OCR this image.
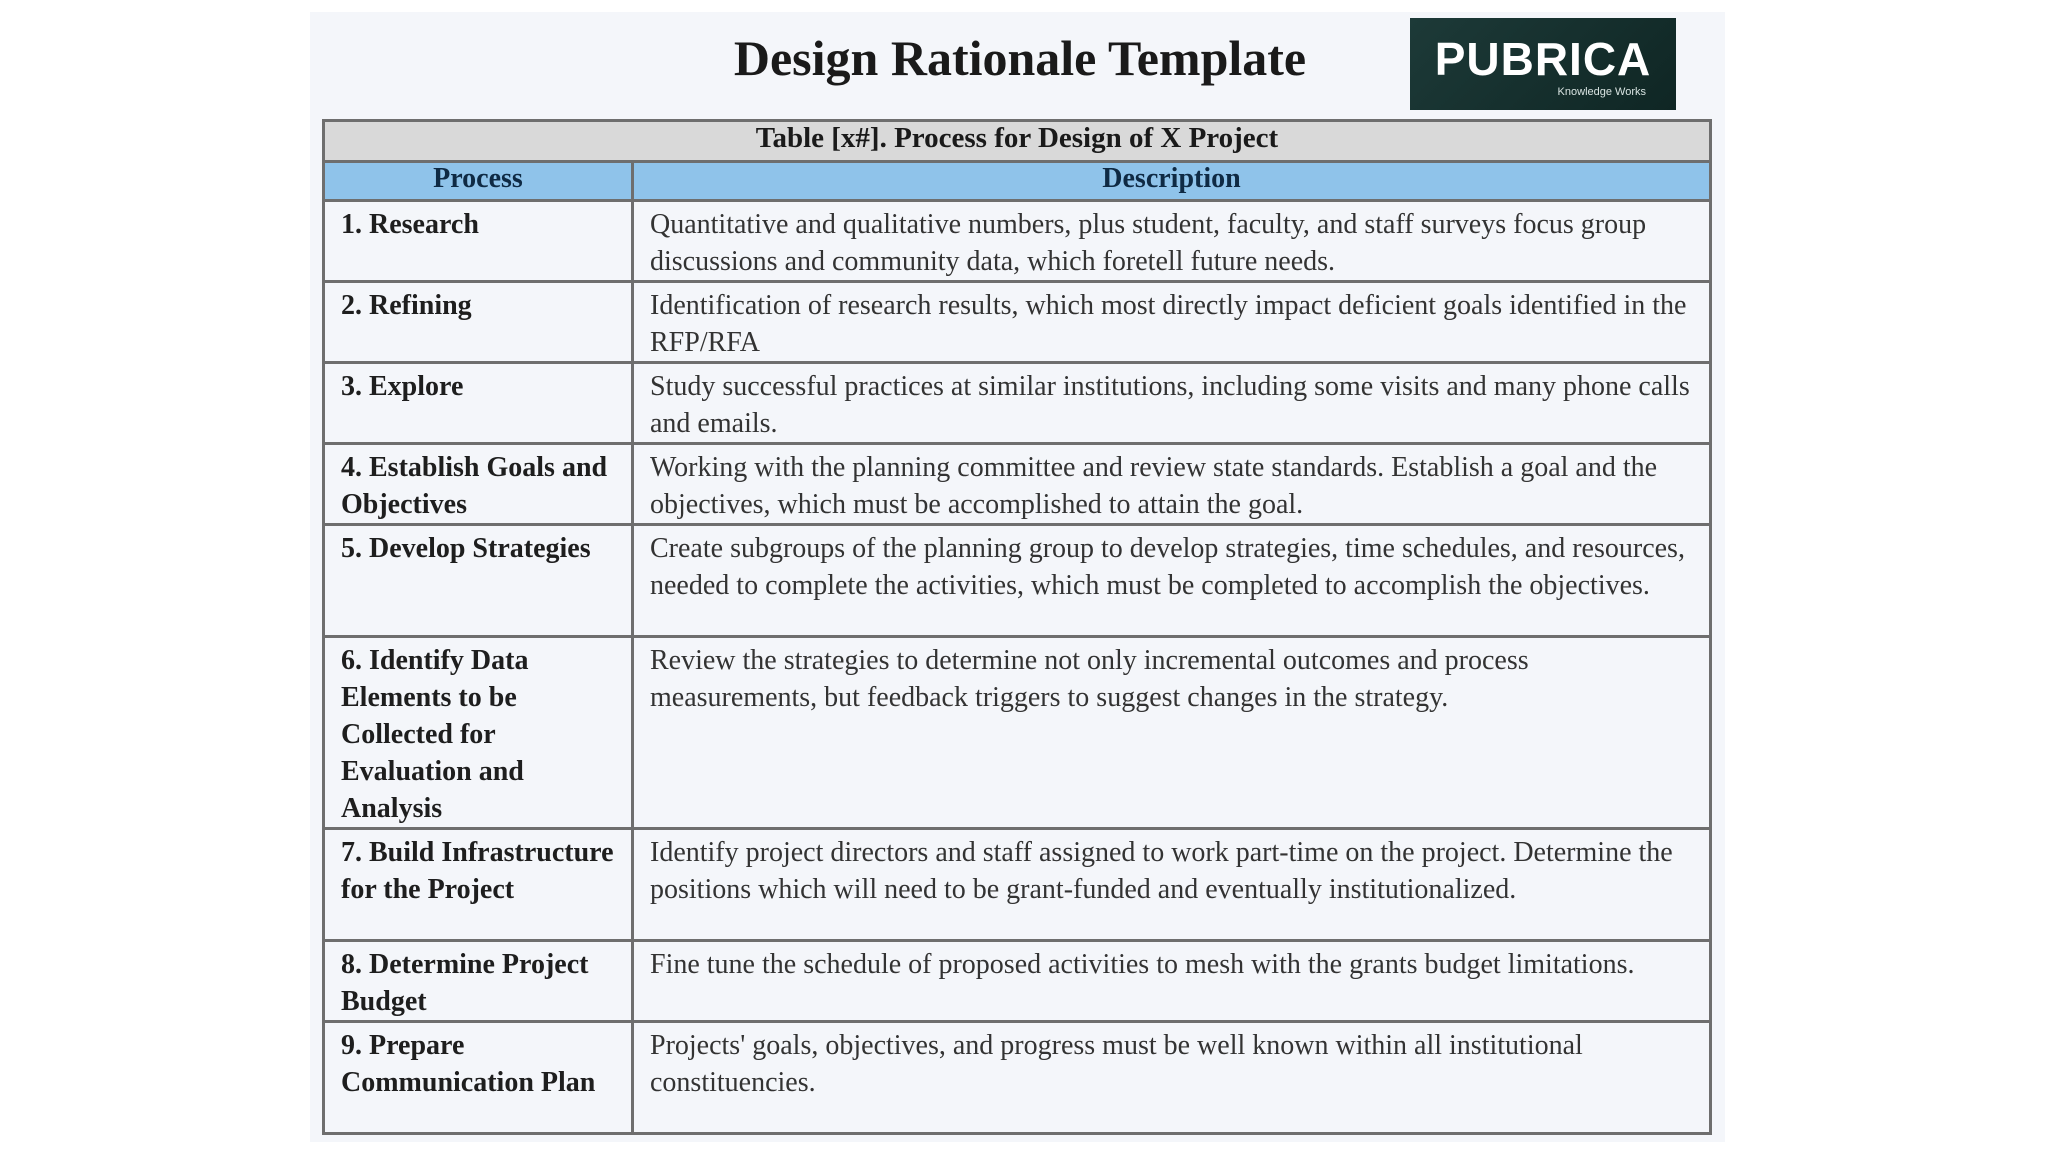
Design Rationale Template	PUBRICA
Knowledge Works
Table [x#]. Process for Design of X Project	
Process	Description
1. Research	Quantitative and qualitative numbers, plus student, faculty, and staff surveys focus group discussions and community data, which foretell future needs.
2. Refining	Identification of research results, which most directly impact deficient goals identified in the RFP/RFA
3. Explore	Study successful practices at similar institutions, including some visits and many phone calls and emails.
4. Establish Goals and Objectives	Working with the planning committee and review state standards. Establish a goal and the objectives, which must be accomplished to attain the goal.
5. Develop Strategies	Create subgroups of the planning group to develop strategies, time schedules, and resources, needed to complete the activities, which must be completed to accomplish the objectives.
6. Identify Data Elements to be Collected for Evaluation and Analysis	Review the strategies to determine not only incremental outcomes and process measurements, but feedback triggers to suggest changes in the strategy.
7. Build Infrastructure for the Project	Identify project directors and staff assigned to work part-time on the project. Determine the positions which will need to be grant-funded and eventually institutionalized.
8. Determine Project Budget	Fine tune the schedule of proposed activities to mesh with the grants budget limitations.
9. Prepare Communication Plan	Projects' goals, objectives, and progress must be well known within all institutional constituencies.
